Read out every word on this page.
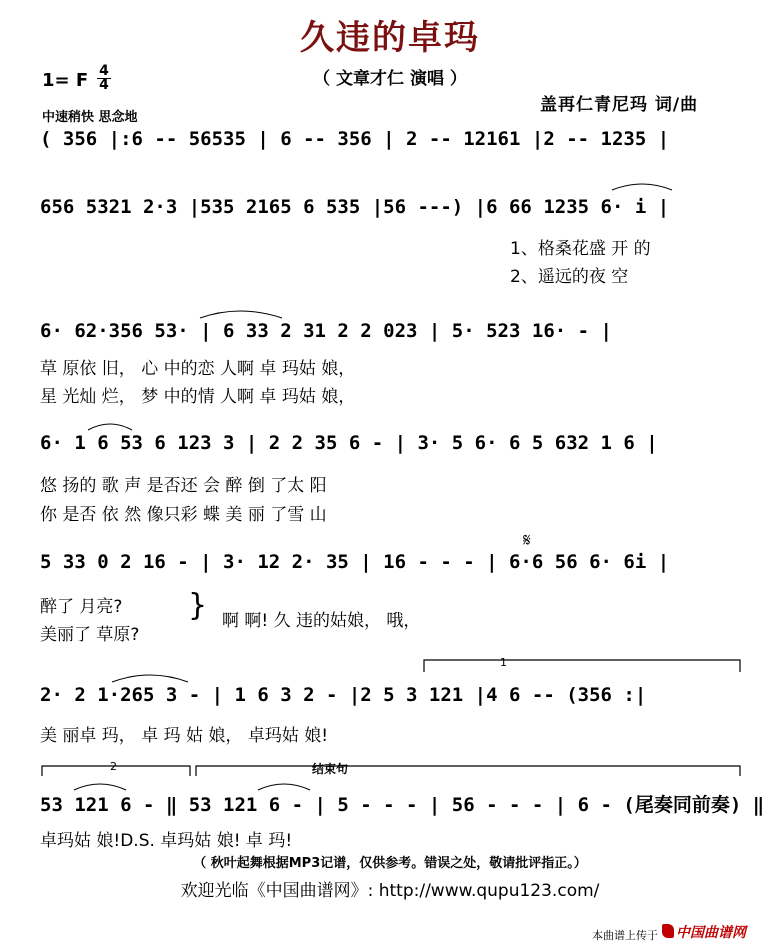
久违的卓玛
（ 文章才仁 演唱 ）
1= F 4
4
中速稍快 思念地
盖再仁青尼玛 词/曲
( 356 |:6 -- 56535 | 6 -- 356 | 2 -- 12161 |2 -- 1235 |
656 5321 2·3 |535 2165 6 535 |56 ---) |6 66 1235 6· i |
6· 62·356 53· | 6 33 2 31 2 2 023 | 5· 523 16· - |
6· 1 6 53 6 123 3 | 2 2 35 6 - | 3· 5 6· 6 5 632 1 6 |
5 33 0 2 16 - | 3· 12 2· 35 | 16 - - - | 6·6 56 6· 6i |
2· 2 1·265 3 - | 1 6 3 2 - |2 5 3 121 |4 6 -- (356 :|
53 121 6 - ‖ 53 121 6 - | 5 - - - | 56 - - - | 6 - (尾奏同前奏) ‖
1、格桑花盛 开 的
2、遥远的夜 空
草 原依 旧， 心 中的恋 人啊 卓 玛姑 娘，
星 光灿 烂， 梦 中的情 人啊 卓 玛姑 娘，
悠 扬的 歌 声 是否还 会 醉 倒 了太 阳
你 是否 依 然 像只彩 蝶 美 丽 了雪 山
醉了 月亮?
美丽了 草原?
} 啊 啊! 久 违的姑娘， 哦，
美 丽卓 玛， 卓 玛 姑 娘， 卓玛姑 娘!
卓玛姑 娘!D.S. 卓玛姑 娘! 卓 玛!
1
2	结束句
𝄋
（ 秋叶起舞根据MP3记谱，仅供参考。错误之处，敬请批评指正。）
欢迎光临《中国曲谱网》: http://www.qupu123.com/
本曲谱上传于 中国曲谱网
